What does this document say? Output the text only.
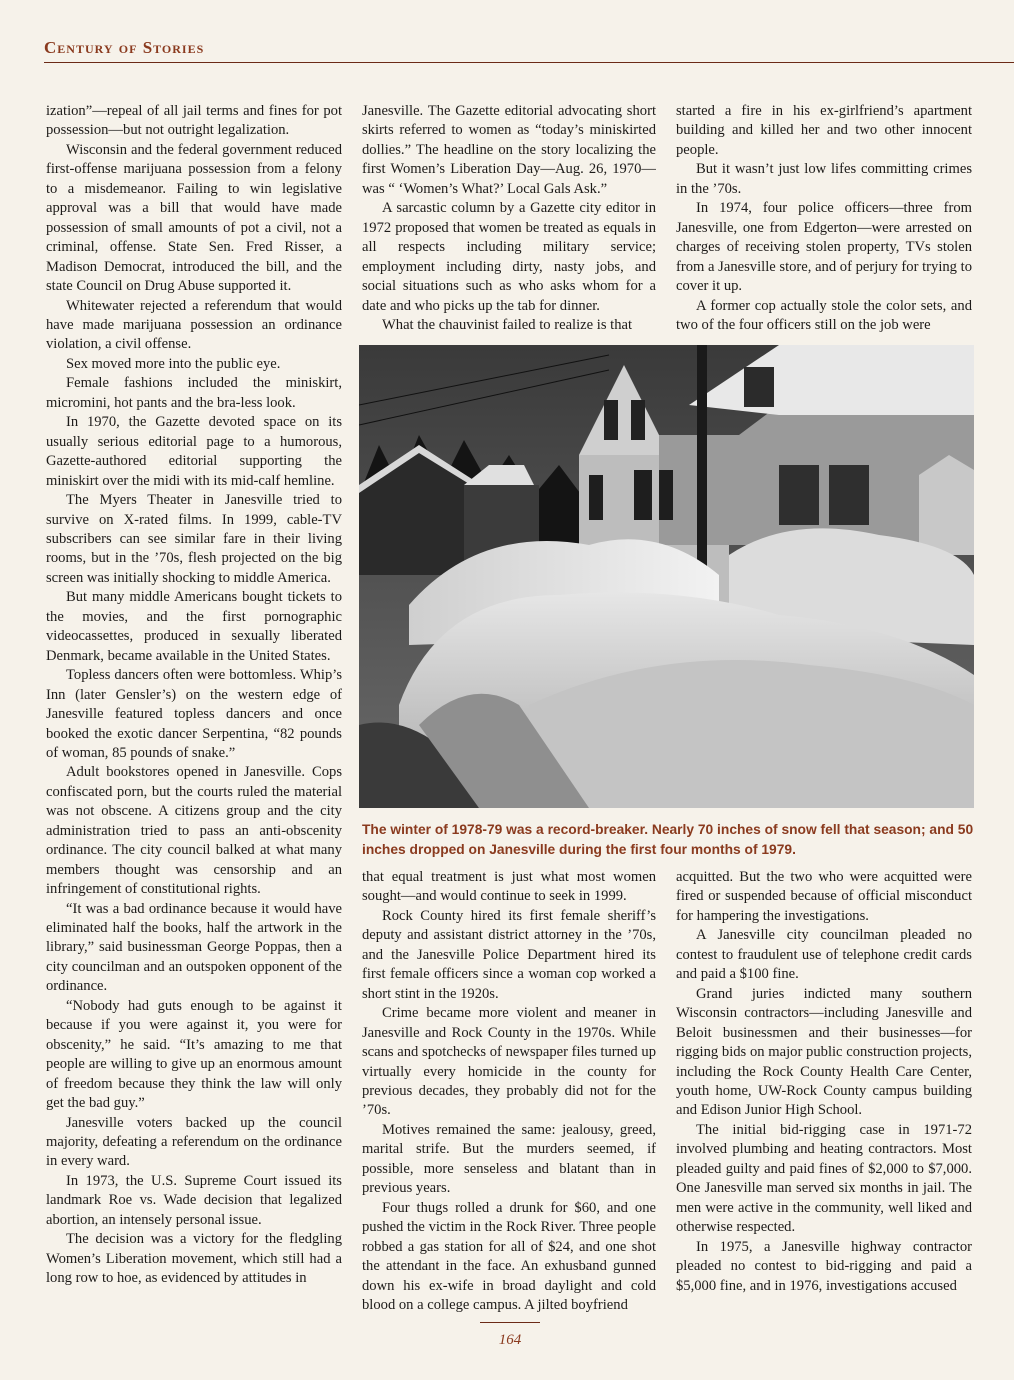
Century of Stories

ization”—repeal of all jail terms and fines for pot possession—but not outright legalization.

Wisconsin and the federal government reduced first-offense marijuana possession from a felony to a misdemeanor. Failing to win legislative approval was a bill that would have made possession of small amounts of pot a civil, not a criminal, offense. State Sen. Fred Risser, a Madison Democrat, introduced the bill, and the state Council on Drug Abuse supported it.

Whitewater rejected a referendum that would have made marijuana possession an ordinance violation, a civil offense.

Sex moved more into the public eye.

Female fashions included the miniskirt, micromini, hot pants and the bra-less look.

In 1970, the Gazette devoted space on its usually serious editorial page to a humorous, Gazette-authored editorial supporting the miniskirt over the midi with its mid-calf hemline.

The Myers Theater in Janesville tried to survive on X-rated films. In 1999, cable-TV subscribers can see similar fare in their living rooms, but in the ’70s, flesh projected on the big screen was initially shocking to middle America.

But many middle Americans bought tickets to the movies, and the first pornographic videocassettes, produced in sexually liberated Denmark, became available in the United States.

Topless dancers often were bottomless. Whip’s Inn (later Gensler’s) on the western edge of Janesville featured topless dancers and once booked the exotic dancer Serpentina, “82 pounds of woman, 85 pounds of snake.”

Adult bookstores opened in Janesville. Cops confiscated porn, but the courts ruled the material was not obscene. A citizens group and the city administration tried to pass an anti-obscenity ordinance. The city council balked at what many members thought was censorship and an infringement of constitutional rights.

“It was a bad ordinance because it would have eliminated half the books, half the artwork in the library,” said businessman George Poppas, then a city councilman and an outspoken opponent of the ordinance.

“Nobody had guts enough to be against it because if you were against it, you were for obscenity,” he said. “It’s amazing to me that people are willing to give up an enormous amount of freedom because they think the law will only get the bad guy.”

Janesville voters backed up the council majority, defeating a referendum on the ordinance in every ward.

In 1973, the U.S. Supreme Court issued its landmark Roe vs. Wade decision that legalized abortion, an intensely personal issue.

The decision was a victory for the fledgling Women’s Liberation movement, which still had a long row to hoe, as evidenced by attitudes in

Janesville. The Gazette editorial advocating short skirts referred to women as “today’s miniskirted dollies.” The headline on the story localizing the first Women’s Liberation Day—Aug. 26, 1970—was “ ‘Women’s What?’ Local Gals Ask.”

A sarcastic column by a Gazette city editor in 1972 proposed that women be treated as equals in all respects including military service; employment including dirty, nasty jobs, and social situations such as who asks whom for a date and who picks up the tab for dinner.

What the chauvinist failed to realize is that

started a fire in his ex-girlfriend’s apartment building and killed her and two other innocent people.

But it wasn’t just low lifes committing crimes in the ’70s.

In 1974, four police officers—three from Janesville, one from Edgerton—were arrested on charges of receiving stolen property, TVs stolen from a Janesville store, and of perjury for trying to cover it up.

A former cop actually stole the color sets, and two of the four officers still on the job were

The winter of 1978-79 was a record-breaker. Nearly 70 inches of snow fell that season; and 50 inches dropped on Janesville during the first four months of 1979.

that equal treatment is just what most women sought—and would continue to seek in 1999.

Rock County hired its first female sheriff’s deputy and assistant district attorney in the ’70s, and the Janesville Police Department hired its first female officers since a woman cop worked a short stint in the 1920s.

Crime became more violent and meaner in Janesville and Rock County in the 1970s. While scans and spotchecks of newspaper files turned up virtually every homicide in the county for previous decades, they probably did not for the ’70s.

Motives remained the same: jealousy, greed, marital strife. But the murders seemed, if possible, more senseless and blatant than in previous years.

Four thugs rolled a drunk for $60, and one pushed the victim in the Rock River. Three people robbed a gas station for all of $24, and one shot the attendant in the face. An exhusband gunned down his ex-wife in broad daylight and cold blood on a college campus. A jilted boyfriend

acquitted. But the two who were acquitted were fired or suspended because of official misconduct for hampering the investigations.

A Janesville city councilman pleaded no contest to fraudulent use of telephone credit cards and paid a $100 fine.

Grand juries indicted many southern Wisconsin contractors—including Janesville and Beloit businessmen and their businesses—for rigging bids on major public construction projects, including the Rock County Health Care Center, youth home, UW-Rock County campus building and Edison Junior High School.

The initial bid-rigging case in 1971-72 involved plumbing and heating contractors. Most pleaded guilty and paid fines of $2,000 to $7,000. One Janesville man served six months in jail. The men were active in the community, well liked and otherwise respected.

In 1975, a Janesville highway contractor pleaded no contest to bid-rigging and paid a $5,000 fine, and in 1976, investigations accused

164
